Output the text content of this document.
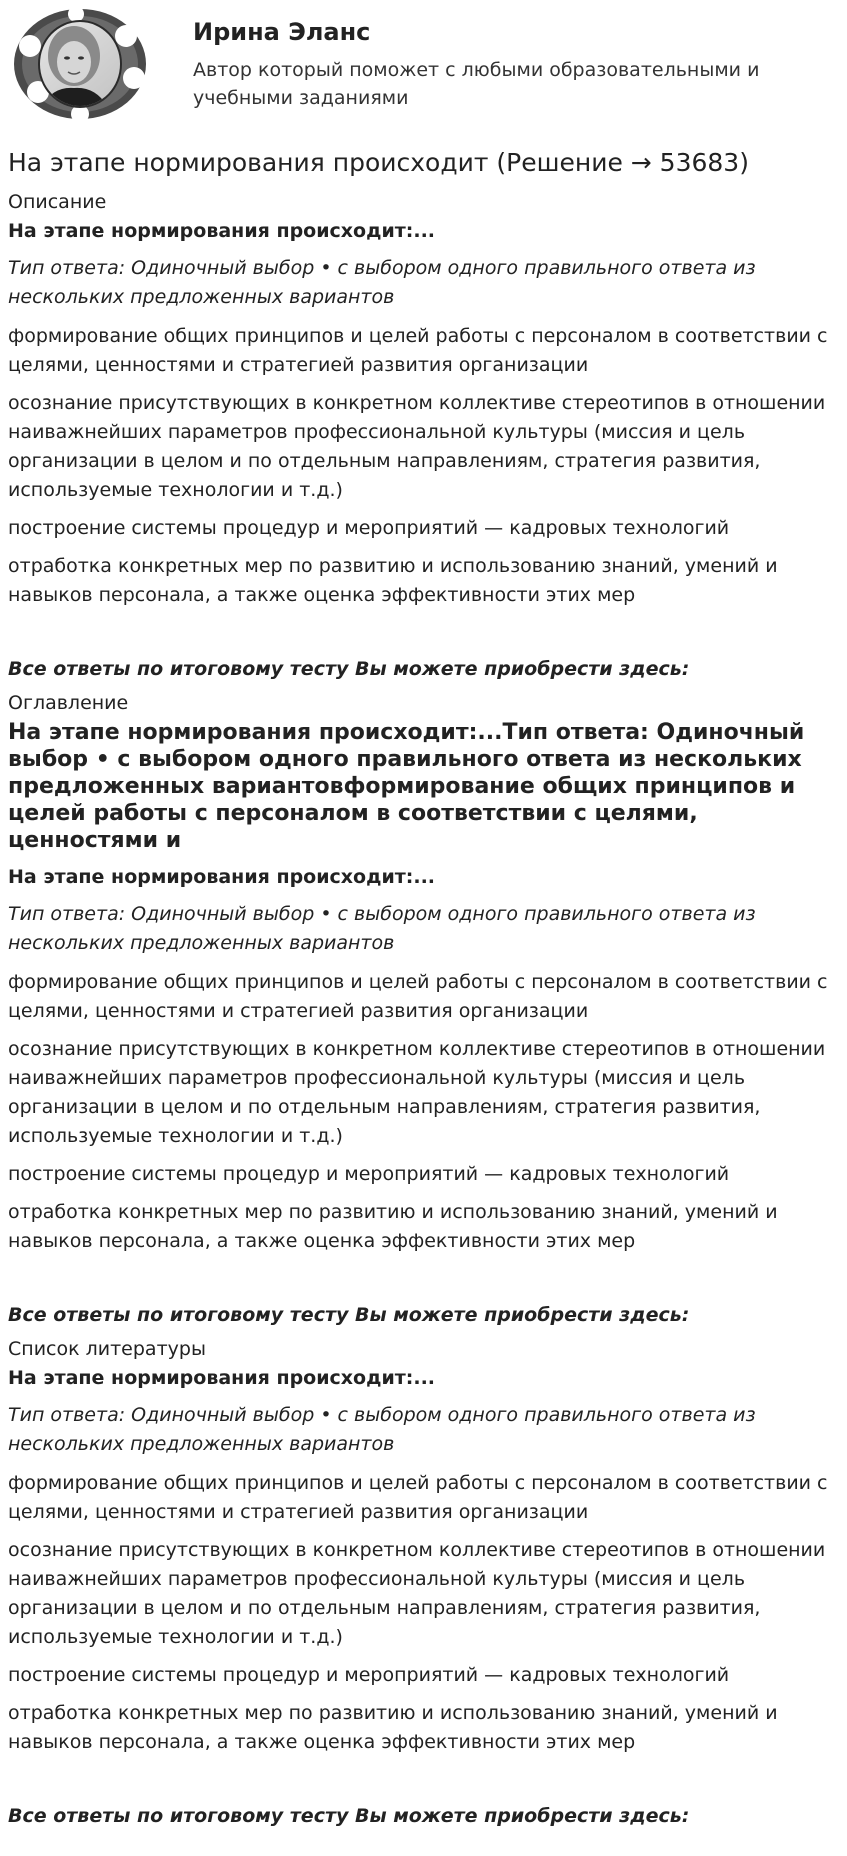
Ирина Эланс
Автор который поможет с любыми образовательными и учебными заданиями
На этапе нормирования происходит (Решение → 53683)
Описание
На этапе нормирования происходит:...
Тип ответа: Одиночный выбор • с выбором одного правильного ответа из нескольких предложенных вариантов
формирование общих принципов и целей работы с персоналом в соответствии с целями, ценностями и стратегией развития организации
осознание присутствующих в конкретном коллективе стереотипов в отношении наиважнейших параметров профессиональной культуры (миссия и цель организации в целом и по отдельным направлениям, стратегия развития, используемые технологии и т.д.)
построение системы процедур и мероприятий — кадровых технологий
отработка конкретных мер по развитию и использованию знаний, умений и навыков персонала, а также оценка эффективности этих мер
Все ответы по итоговому тесту Вы можете приобрести здесь:
Оглавление
На этапе нормирования происходит:...Тип ответа: Одиночный выбор • с выбором одного правильного ответа из нескольких предложенных вариантовформирование общих принципов и целей работы с персоналом в соответствии с целями, ценностями и
На этапе нормирования происходит:...
Тип ответа: Одиночный выбор • с выбором одного правильного ответа из нескольких предложенных вариантов
формирование общих принципов и целей работы с персоналом в соответствии с целями, ценностями и стратегией развития организации
осознание присутствующих в конкретном коллективе стереотипов в отношении наиважнейших параметров профессиональной культуры (миссия и цель организации в целом и по отдельным направлениям, стратегия развития, используемые технологии и т.д.)
построение системы процедур и мероприятий — кадровых технологий
отработка конкретных мер по развитию и использованию знаний, умений и навыков персонала, а также оценка эффективности этих мер
Все ответы по итоговому тесту Вы можете приобрести здесь:
Список литературы
На этапе нормирования происходит:...
Тип ответа: Одиночный выбор • с выбором одного правильного ответа из нескольких предложенных вариантов
формирование общих принципов и целей работы с персоналом в соответствии с целями, ценностями и стратегией развития организации
осознание присутствующих в конкретном коллективе стереотипов в отношении наиважнейших параметров профессиональной культуры (миссия и цель организации в целом и по отдельным направлениям, стратегия развития, используемые технологии и т.д.)
построение системы процедур и мероприятий — кадровых технологий
отработка конкретных мер по развитию и использованию знаний, умений и навыков персонала, а также оценка эффективности этих мер
Все ответы по итоговому тесту Вы можете приобрести здесь:
